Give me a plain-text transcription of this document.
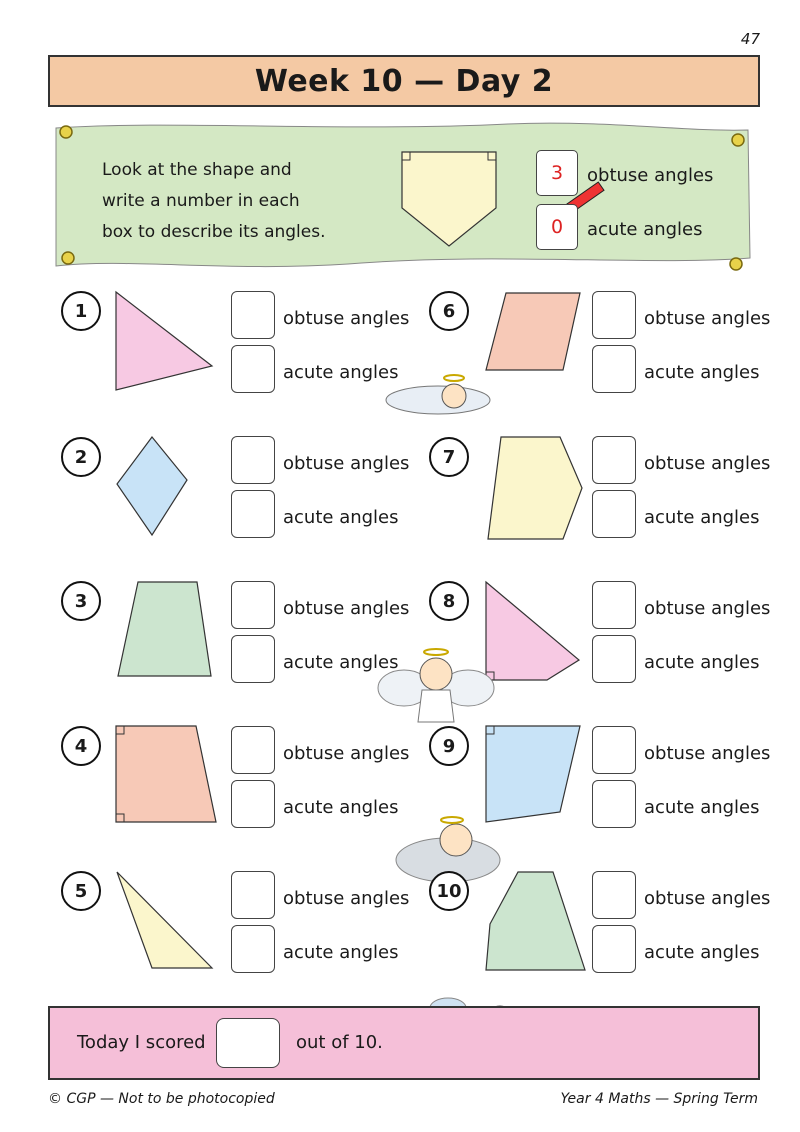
47
Week 10 — Day 2
Look at the shape and
write a number in each
box to describe its angles.
3	obtuse angles
0	acute angles
1	obtuse angles
acute angles
2	obtuse angles
acute angles
3	obtuse angles
acute angles
4	obtuse angles
acute angles
5	obtuse angles
acute angles
6	obtuse angles
acute angles
7	obtuse angles
acute angles
8	obtuse angles
acute angles
9	obtuse angles
acute angles
10	obtuse angles
acute angles
Today I scored	out of 10.
© CGP — Not to be photocopied	Year 4 Maths — Spring Term
